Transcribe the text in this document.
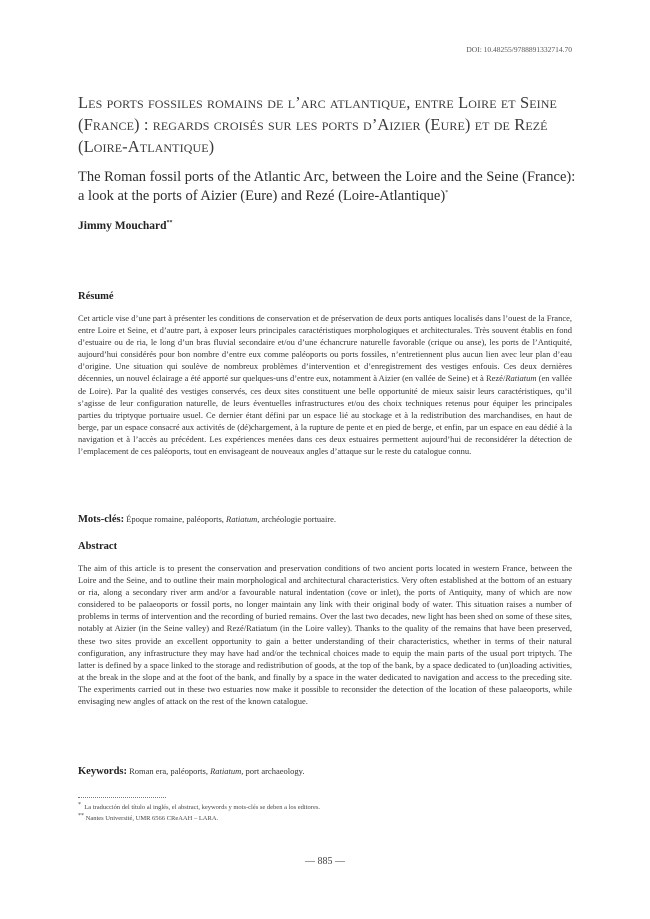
DOI: 10.48255/9788891332714.70
Les ports fossiles romains de l’arc atlantique, entre Loire et Seine (France) : regards croisés sur les ports d’Aizier (Eure) et de Rezé (Loire-Atlantique)
The Roman fossil ports of the Atlantic Arc, between the Loire and the Seine (France): a look at the ports of Aizier (Eure) and Rezé (Loire-Atlantique)*
Jimmy Mouchard**
Résumé

Cet article vise d’une part à présenter les conditions de conservation et de préservation de deux ports antiques localisés dans l’ouest de la France, entre Loire et Seine, et d’autre part, à exposer leurs principales caractéristiques morphologiques et architecturales. Très souvent établis en fond d’estuaire ou de ria, le long d’un bras fluvial secondaire et/ou d’une échancrure naturelle favorable (crique ou anse), les ports de l’Antiquité, aujourd’hui considérés pour bon nombre d’entre eux comme paléoports ou ports fossiles, n’entretiennent plus aucun lien avec leur plan d’eau d’origine. Une situation qui soulève de nombreux problèmes d’intervention et d’enregistrement des vestiges enfouis. Ces deux dernières décennies, un nouvel éclairage a été apporté sur quelques-uns d’entre eux, notamment à Aizier (en vallée de Seine) et à Rezé/Ratiatum (en vallée de Loire). Par la qualité des vestiges conservés, ces deux sites constituent une belle opportunité de mieux saisir leurs caractéristiques, qu’il s’agisse de leur configuration naturelle, de leurs éventuelles infrastructures et/ou des choix techniques retenus pour équiper les principales parties du triptyque portuaire usuel. Ce dernier étant défini par un espace lié au stockage et à la redistribution des marchandises, en haut de berge, par un espace consacré aux activités de (dé)chargement, à la rupture de pente et en pied de berge, et enfin, par un espace en eau dédié à la navigation et à l’accès au précédent. Les expériences menées dans ces deux estuaires permettent aujourd’hui de reconsidérer la détection de l’emplacement de ces paléoports, tout en envisageant de nouveaux angles d’attaque sur le reste du catalogue connu.

Mots-clés: Époque romaine, paléoports, Ratiatum, archéologie portuaire.
Abstract

The aim of this article is to present the conservation and preservation conditions of two ancient ports located in western France, between the Loire and the Seine, and to outline their main morphological and architectural characteristics. Very often established at the bottom of an estuary or ria, along a secondary river arm and/or a favourable natural indentation (cove or inlet), the ports of Antiquity, many of which are now considered to be palaeoports or fossil ports, no longer maintain any link with their original body of water. This situation raises a number of problems in terms of intervention and the recording of buried remains. Over the last two decades, new light has been shed on some of these sites, notably at Aizier (in the Seine valley) and Rezé/Ratiatum (in the Loire valley). Thanks to the quality of the remains that have been preserved, these two sites provide an excellent opportunity to gain a better understanding of their characteristics, whether in terms of their natural configuration, any infrastructure they may have had and/or the technical choices made to equip the main parts of the usual port triptych. The latter is defined by a space linked to the storage and redistribution of goods, at the top of the bank, by a space dedicated to (un)loading activities, at the break in the slope and at the foot of the bank, and finally by a space in the water dedicated to navigation and access to the preceding site. The experiments carried out in these two estuaries now make it possible to reconsider the detection of the location of these palaeoports, while envisaging new angles of attack on the rest of the known catalogue.

Keywords: Roman era, paléoports, Ratiatum, port archaeology.
* La traducción del título al inglés, el abstract, keywords y mots-clés se deben a los editores.
** Nantes Université, UMR 6566 CReAAH – LARA.
— 885 —
